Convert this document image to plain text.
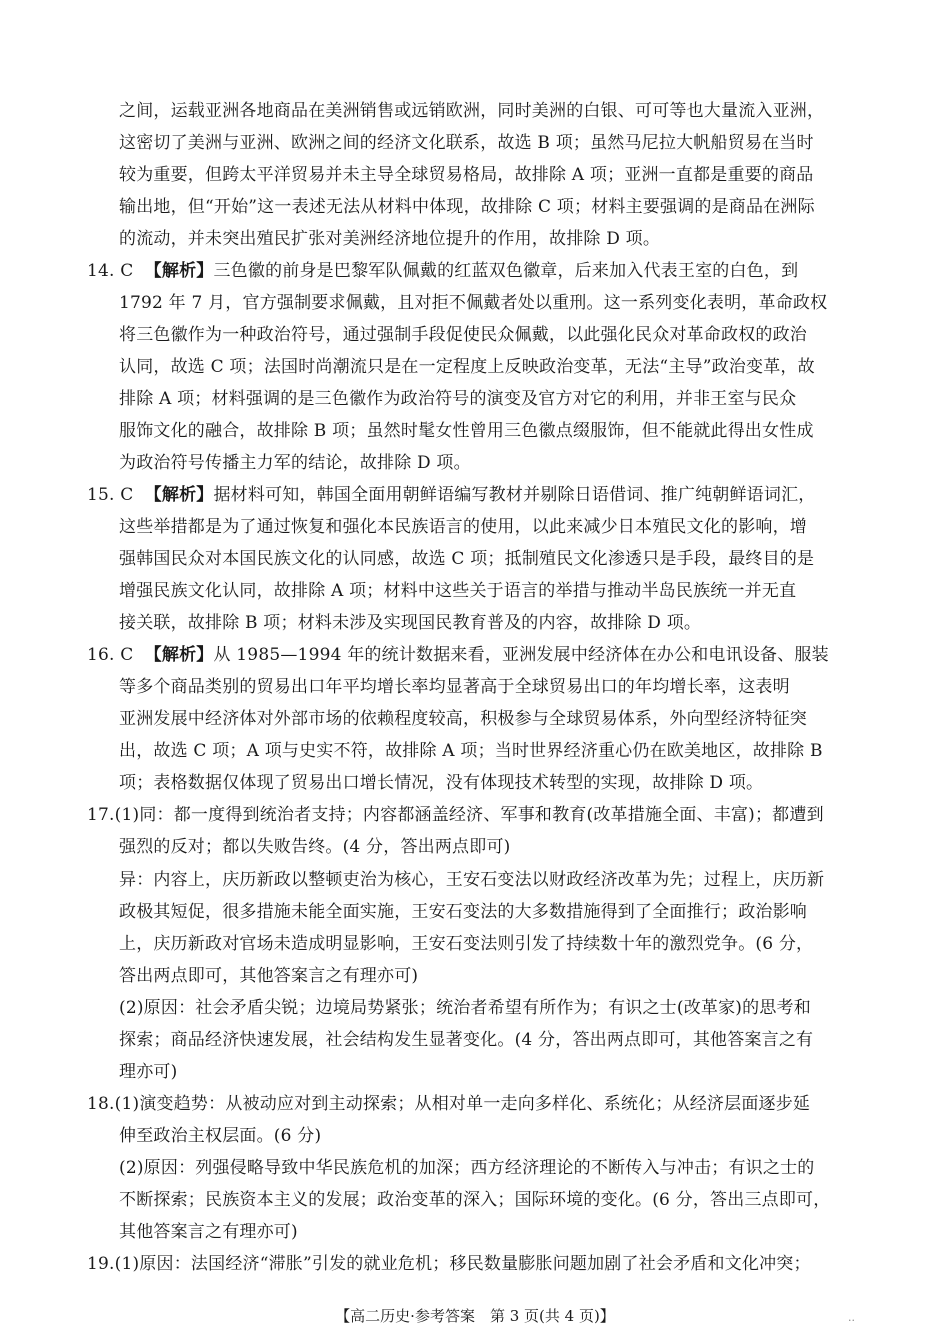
之间，运载亚洲各地商品在美洲销售或远销欧洲，同时美洲的白银、可可等也大量流入亚洲，
这密切了美洲与亚洲、欧洲之间的经济文化联系，故选 B 项；虽然马尼拉大帆船贸易在当时
较为重要，但跨太平洋贸易并未主导全球贸易格局，故排除 A 项；亚洲一直都是重要的商品
输出地，但“开始”这一表述无法从材料中体现，故排除 C 项；材料主要强调的是商品在洲际
的流动，并未突出殖民扩张对美洲经济地位提升的作用，故排除 D 项。
14. C 【解析】三色徽的前身是巴黎军队佩戴的红蓝双色徽章，后来加入代表王室的白色，到
1792 年 7 月，官方强制要求佩戴，且对拒不佩戴者处以重刑。这一系列变化表明，革命政权
将三色徽作为一种政治符号，通过强制手段促使民众佩戴，以此强化民众对革命政权的政治
认同，故选 C 项；法国时尚潮流只是在一定程度上反映政治变革，无法“主导”政治变革，故
排除 A 项；材料强调的是三色徽作为政治符号的演变及官方对它的利用，并非王室与民众
服饰文化的融合，故排除 B 项；虽然时髦女性曾用三色徽点缀服饰，但不能就此得出女性成
为政治符号传播主力军的结论，故排除 D 项。
15. C 【解析】据材料可知，韩国全面用朝鲜语编写教材并剔除日语借词、推广纯朝鲜语词汇，
这些举措都是为了通过恢复和强化本民族语言的使用，以此来减少日本殖民文化的影响，增
强韩国民众对本国民族文化的认同感，故选 C 项；抵制殖民文化渗透只是手段，最终目的是
增强民族文化认同，故排除 A 项；材料中这些关于语言的举措与推动半岛民族统一并无直
接关联，故排除 B 项；材料未涉及实现国民教育普及的内容，故排除 D 项。
16. C 【解析】从 1985—1994 年的统计数据来看，亚洲发展中经济体在办公和电讯设备、服装
等多个商品类别的贸易出口年平均增长率均显著高于全球贸易出口的年均增长率，这表明
亚洲发展中经济体对外部市场的依赖程度较高，积极参与全球贸易体系，外向型经济特征突
出，故选 C 项；A 项与史实不符，故排除 A 项；当时世界经济重心仍在欧美地区，故排除 B
项；表格数据仅体现了贸易出口增长情况，没有体现技术转型的实现，故排除 D 项。
17.(1)同：都一度得到统治者支持；内容都涵盖经济、军事和教育(改革措施全面、丰富)；都遭到
强烈的反对；都以失败告终。(4 分，答出两点即可)
异：内容上，庆历新政以整顿吏治为核心，王安石变法以财政经济改革为先；过程上，庆历新
政极其短促，很多措施未能全面实施，王安石变法的大多数措施得到了全面推行；政治影响
上，庆历新政对官场未造成明显影响，王安石变法则引发了持续数十年的激烈党争。(6 分，
答出两点即可，其他答案言之有理亦可)
(2)原因：社会矛盾尖锐；边境局势紧张；统治者希望有所作为；有识之士(改革家)的思考和
探索；商品经济快速发展，社会结构发生显著变化。(4 分，答出两点即可，其他答案言之有
理亦可)
18.(1)演变趋势：从被动应对到主动探索；从相对单一走向多样化、系统化；从经济层面逐步延
伸至政治主权层面。(6 分)
(2)原因：列强侵略导致中华民族危机的加深；西方经济理论的不断传入与冲击；有识之士的
不断探索；民族资本主义的发展；政治变革的深入；国际环境的变化。(6 分，答出三点即可，
其他答案言之有理亦可)
19.(1)原因：法国经济“滞胀”引发的就业危机；移民数量膨胀问题加剧了社会矛盾和文化冲突；
【高二历史·参考答案　第 3 页(共 4 页)】	··
